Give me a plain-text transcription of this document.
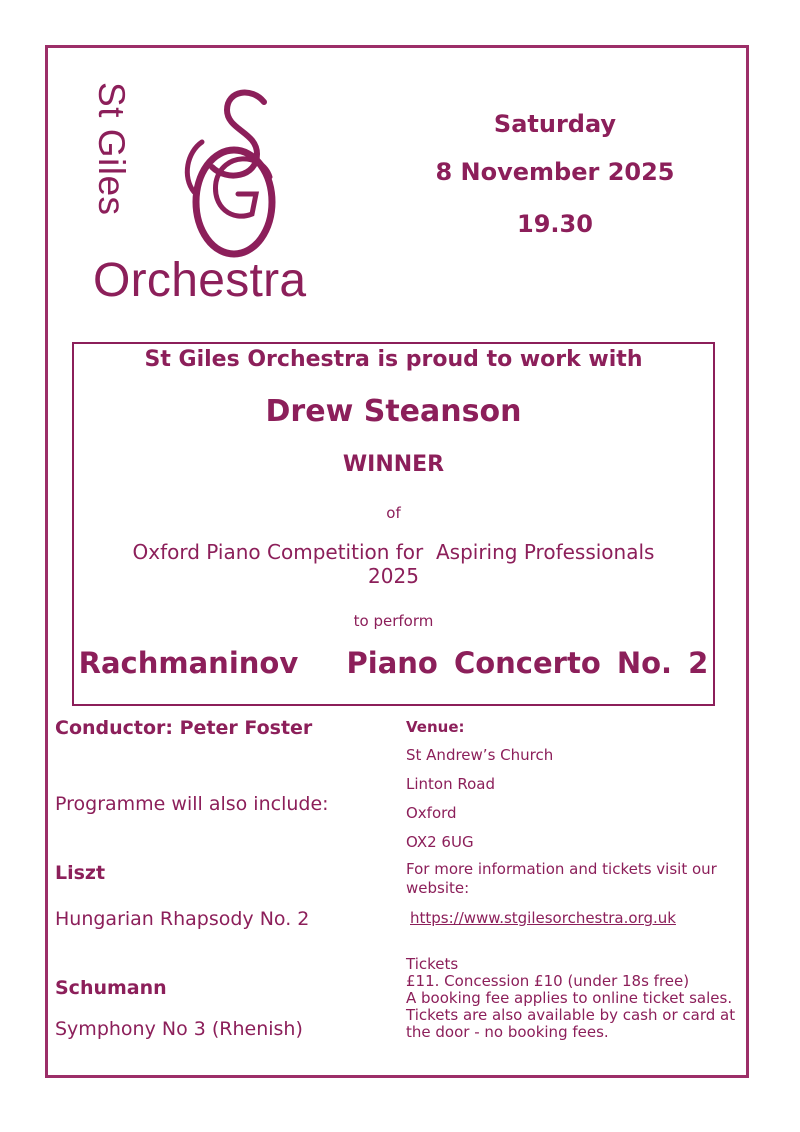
St Giles
Orchestra
Saturday
8 November 2025
19.30
St Giles Orchestra is proud to work with
Drew Steanson
WINNER
of
Oxford Piano Competition for  Aspiring Professionals
2025
to perform
Rachmaninov   Piano Concerto No. 2
Conductor: Peter Foster
Programme will also include:
Liszt
Hungarian Rhapsody No. 2
Schumann
Symphony No 3 (Rhenish)
Venue:
St Andrew’s Church
Linton Road
Oxford
OX2 6UG
For more information and tickets visit our website:
https://www.stgilesorchestra.org.uk
Tickets
£11. Concession £10 (under 18s free)
A booking fee applies to online ticket sales.
Tickets are also available by cash or card at
the door - no booking fees.
